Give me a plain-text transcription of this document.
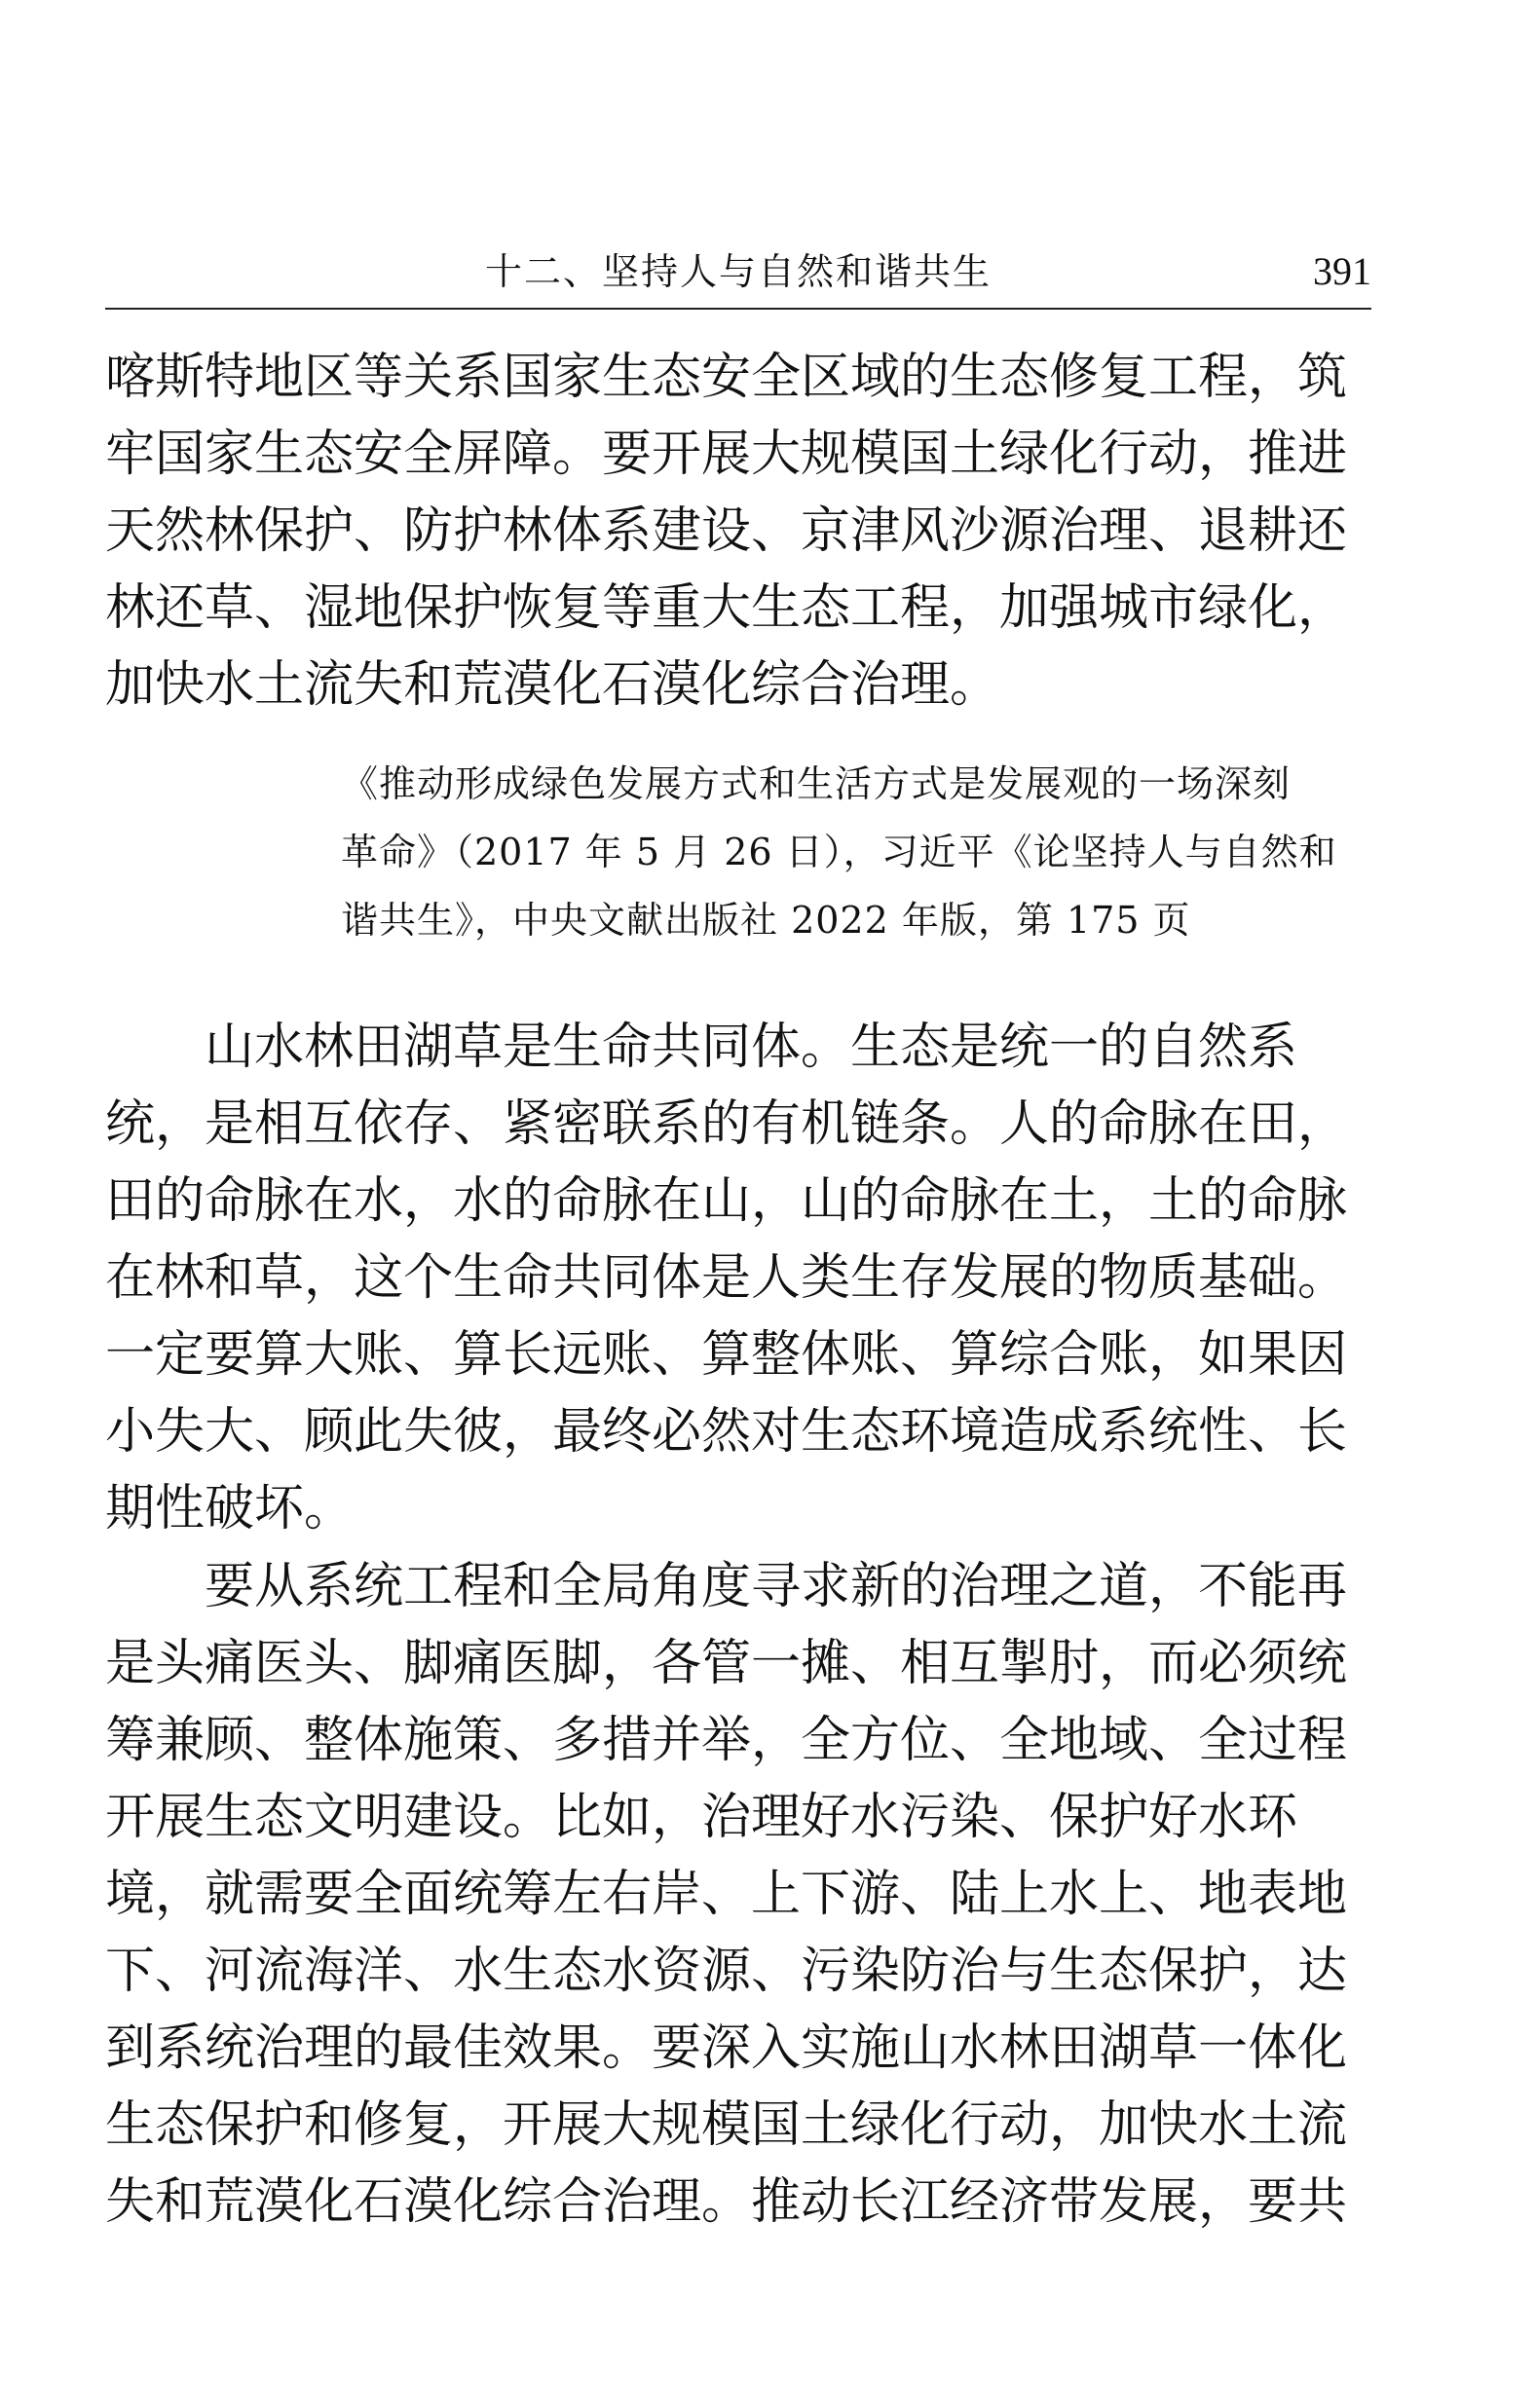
十二、坚持人与自然和谐共生	391
喀斯特地区等关系国家生态安全区域的生态修复工程，筑
牢国家生态安全屏障。要开展大规模国土绿化行动，推进
天然林保护、防护林体系建设、京津风沙源治理、退耕还
林还草、湿地保护恢复等重大生态工程，加强城市绿化，
加快水土流失和荒漠化石漠化综合治理。
《推动形成绿色发展方式和生活方式是发展观的一场深刻
革命》（2017 年 5 月 26 日），习近平《论坚持人与自然和
谐共生》，中央文献出版社 2022 年版，第 175 页
山水林田湖草是生命共同体。生态是统一的自然系
统，是相互依存、紧密联系的有机链条。人的命脉在田，
田的命脉在水，水的命脉在山，山的命脉在土，土的命脉
在林和草，这个生命共同体是人类生存发展的物质基础。
一定要算大账、算长远账、算整体账、算综合账，如果因
小失大、顾此失彼，最终必然对生态环境造成系统性、长
期性破坏。
要从系统工程和全局角度寻求新的治理之道，不能再
是头痛医头、脚痛医脚，各管一摊、相互掣肘，而必须统
筹兼顾、整体施策、多措并举，全方位、全地域、全过程
开展生态文明建设。比如，治理好水污染、保护好水环
境，就需要全面统筹左右岸、上下游、陆上水上、地表地
下、河流海洋、水生态水资源、污染防治与生态保护，达
到系统治理的最佳效果。要深入实施山水林田湖草一体化
生态保护和修复，开展大规模国土绿化行动，加快水土流
失和荒漠化石漠化综合治理。推动长江经济带发展，要共
